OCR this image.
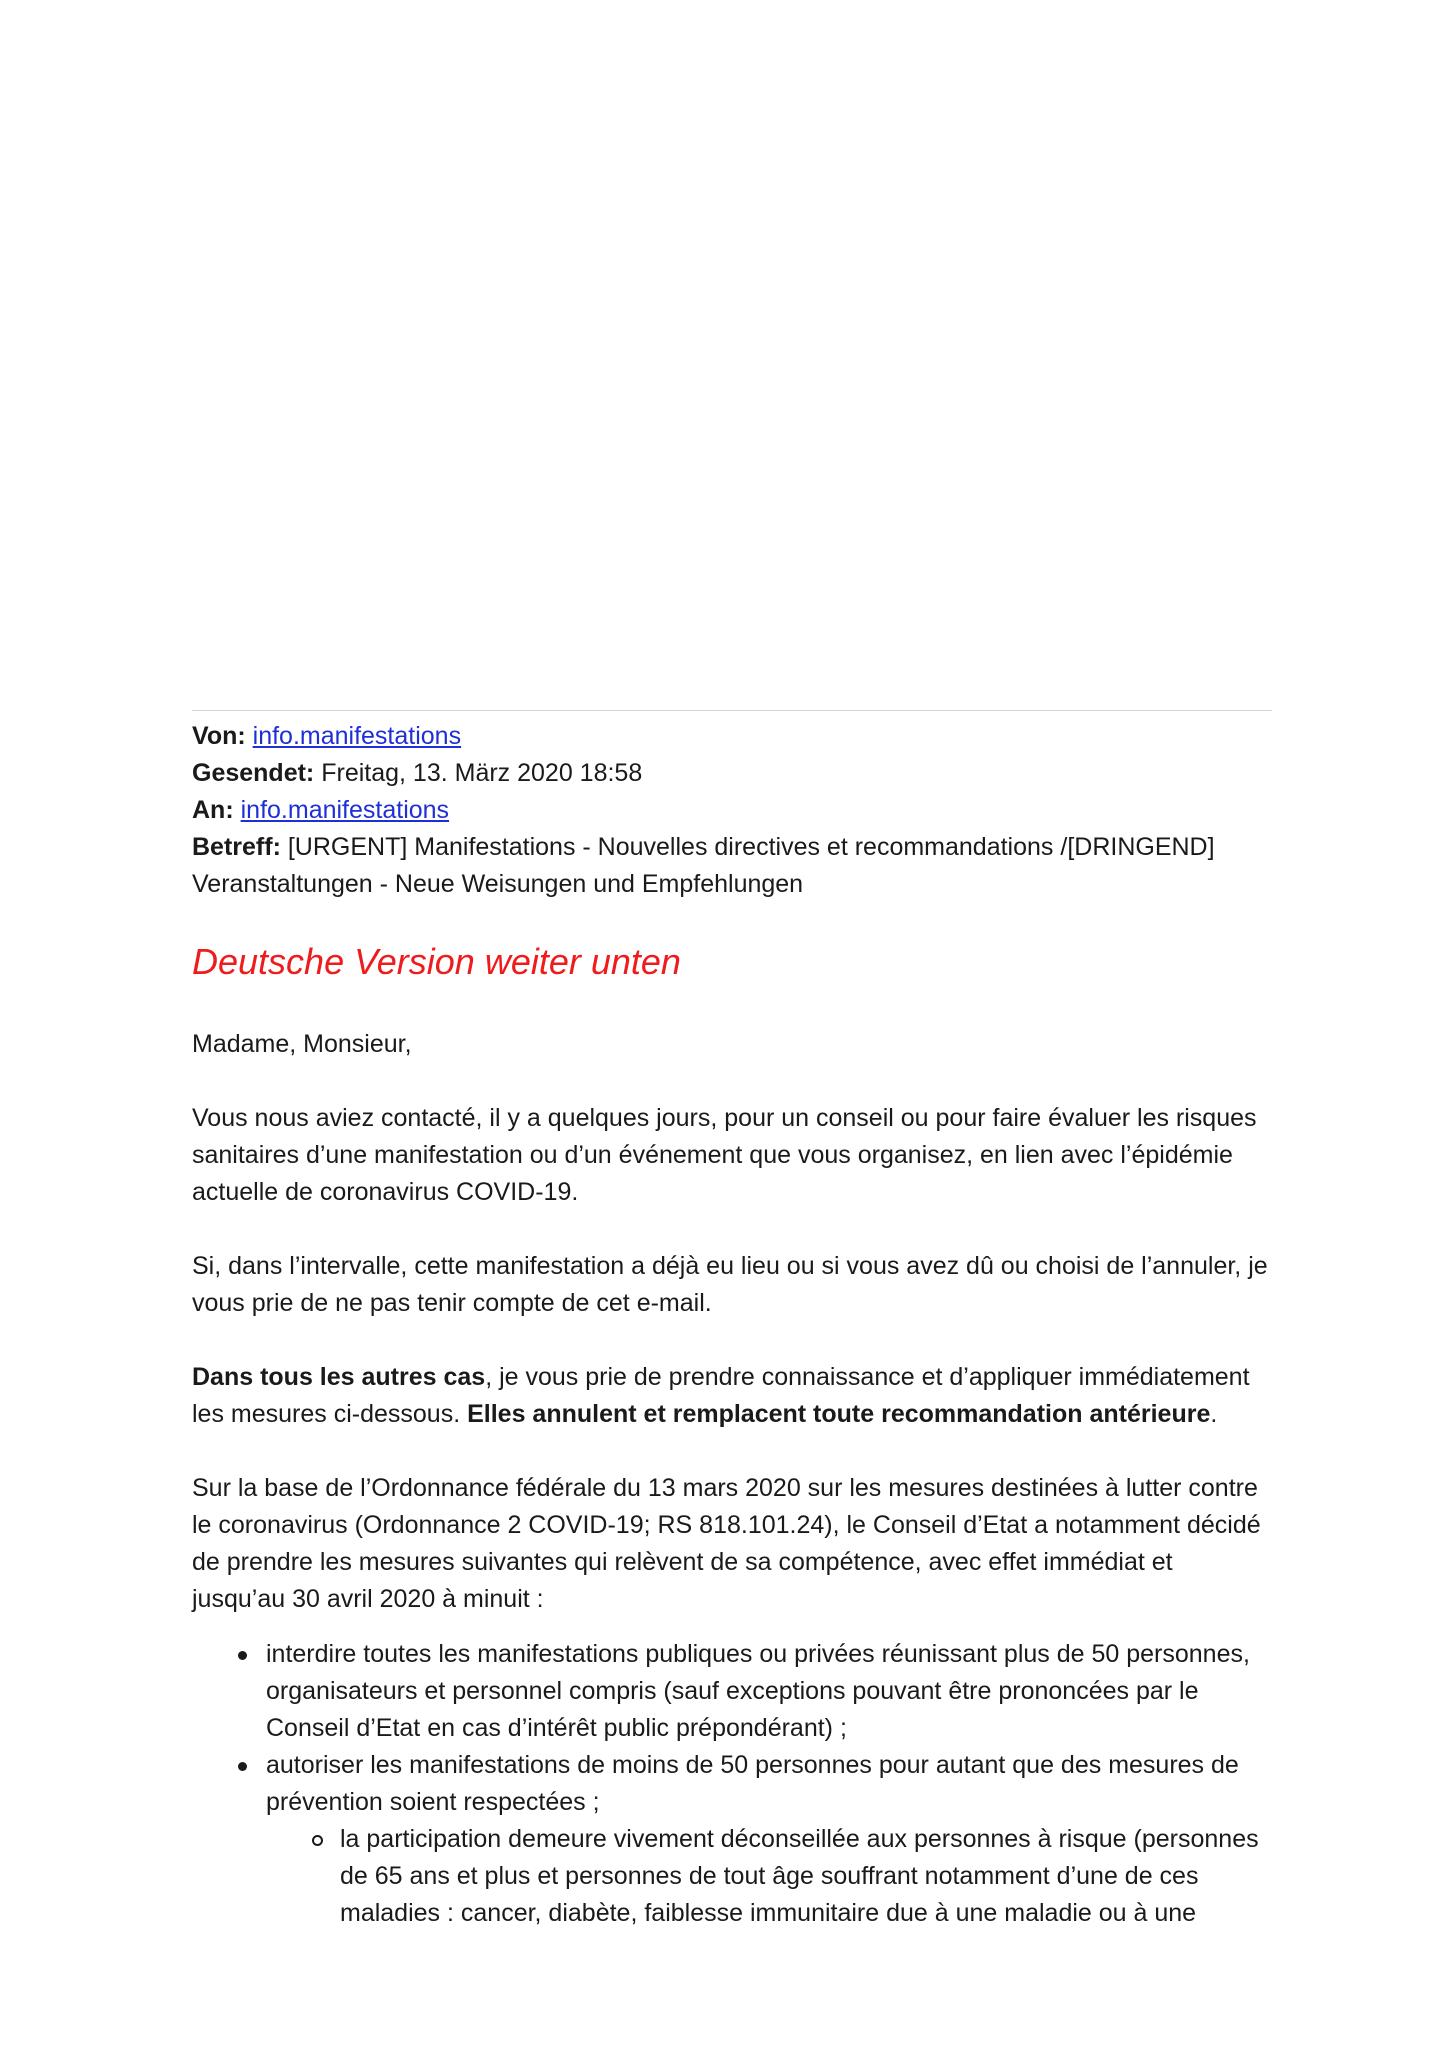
Von: info.manifestations
Gesendet: Freitag, 13. März 2020 18:58
An: info.manifestations
Betreff: [URGENT] Manifestations - Nouvelles directives et recommandations /[DRINGEND]
Veranstaltungen - Neue Weisungen und Empfehlungen
Deutsche Version weiter unten
Madame, Monsieur,
Vous nous aviez contacté, il y a quelques jours, pour un conseil ou pour faire évaluer les risques
sanitaires d’une manifestation ou d’un événement que vous organisez, en lien avec l’épidémie
actuelle de coronavirus COVID-19.
Si, dans l’intervalle, cette manifestation a déjà eu lieu ou si vous avez dû ou choisi de l’annuler, je
vous prie de ne pas tenir compte de cet e-mail.
Dans tous les autres cas, je vous prie de prendre connaissance et d’appliquer immédiatement
les mesures ci-dessous. Elles annulent et remplacent toute recommandation antérieure.
Sur la base de l’Ordonnance fédérale du 13 mars 2020 sur les mesures destinées à lutter contre
le coronavirus (Ordonnance 2 COVID-19; RS 818.101.24), le Conseil d’Etat a notamment décidé
de prendre les mesures suivantes qui relèvent de sa compétence, avec effet immédiat et
jusqu’au 30 avril 2020 à minuit :
interdire toutes les manifestations publiques ou privées réunissant plus de 50 personnes,
organisateurs et personnel compris (sauf exceptions pouvant être prononcées par le
Conseil d’Etat en cas d’intérêt public prépondérant) ;
autoriser les manifestations de moins de 50 personnes pour autant que des mesures de
prévention soient respectées ;
la participation demeure vivement déconseillée aux personnes à risque (personnes
de 65 ans et plus et personnes de tout âge souffrant notamment d’une de ces
maladies : cancer, diabète, faiblesse immunitaire due à une maladie ou à une
